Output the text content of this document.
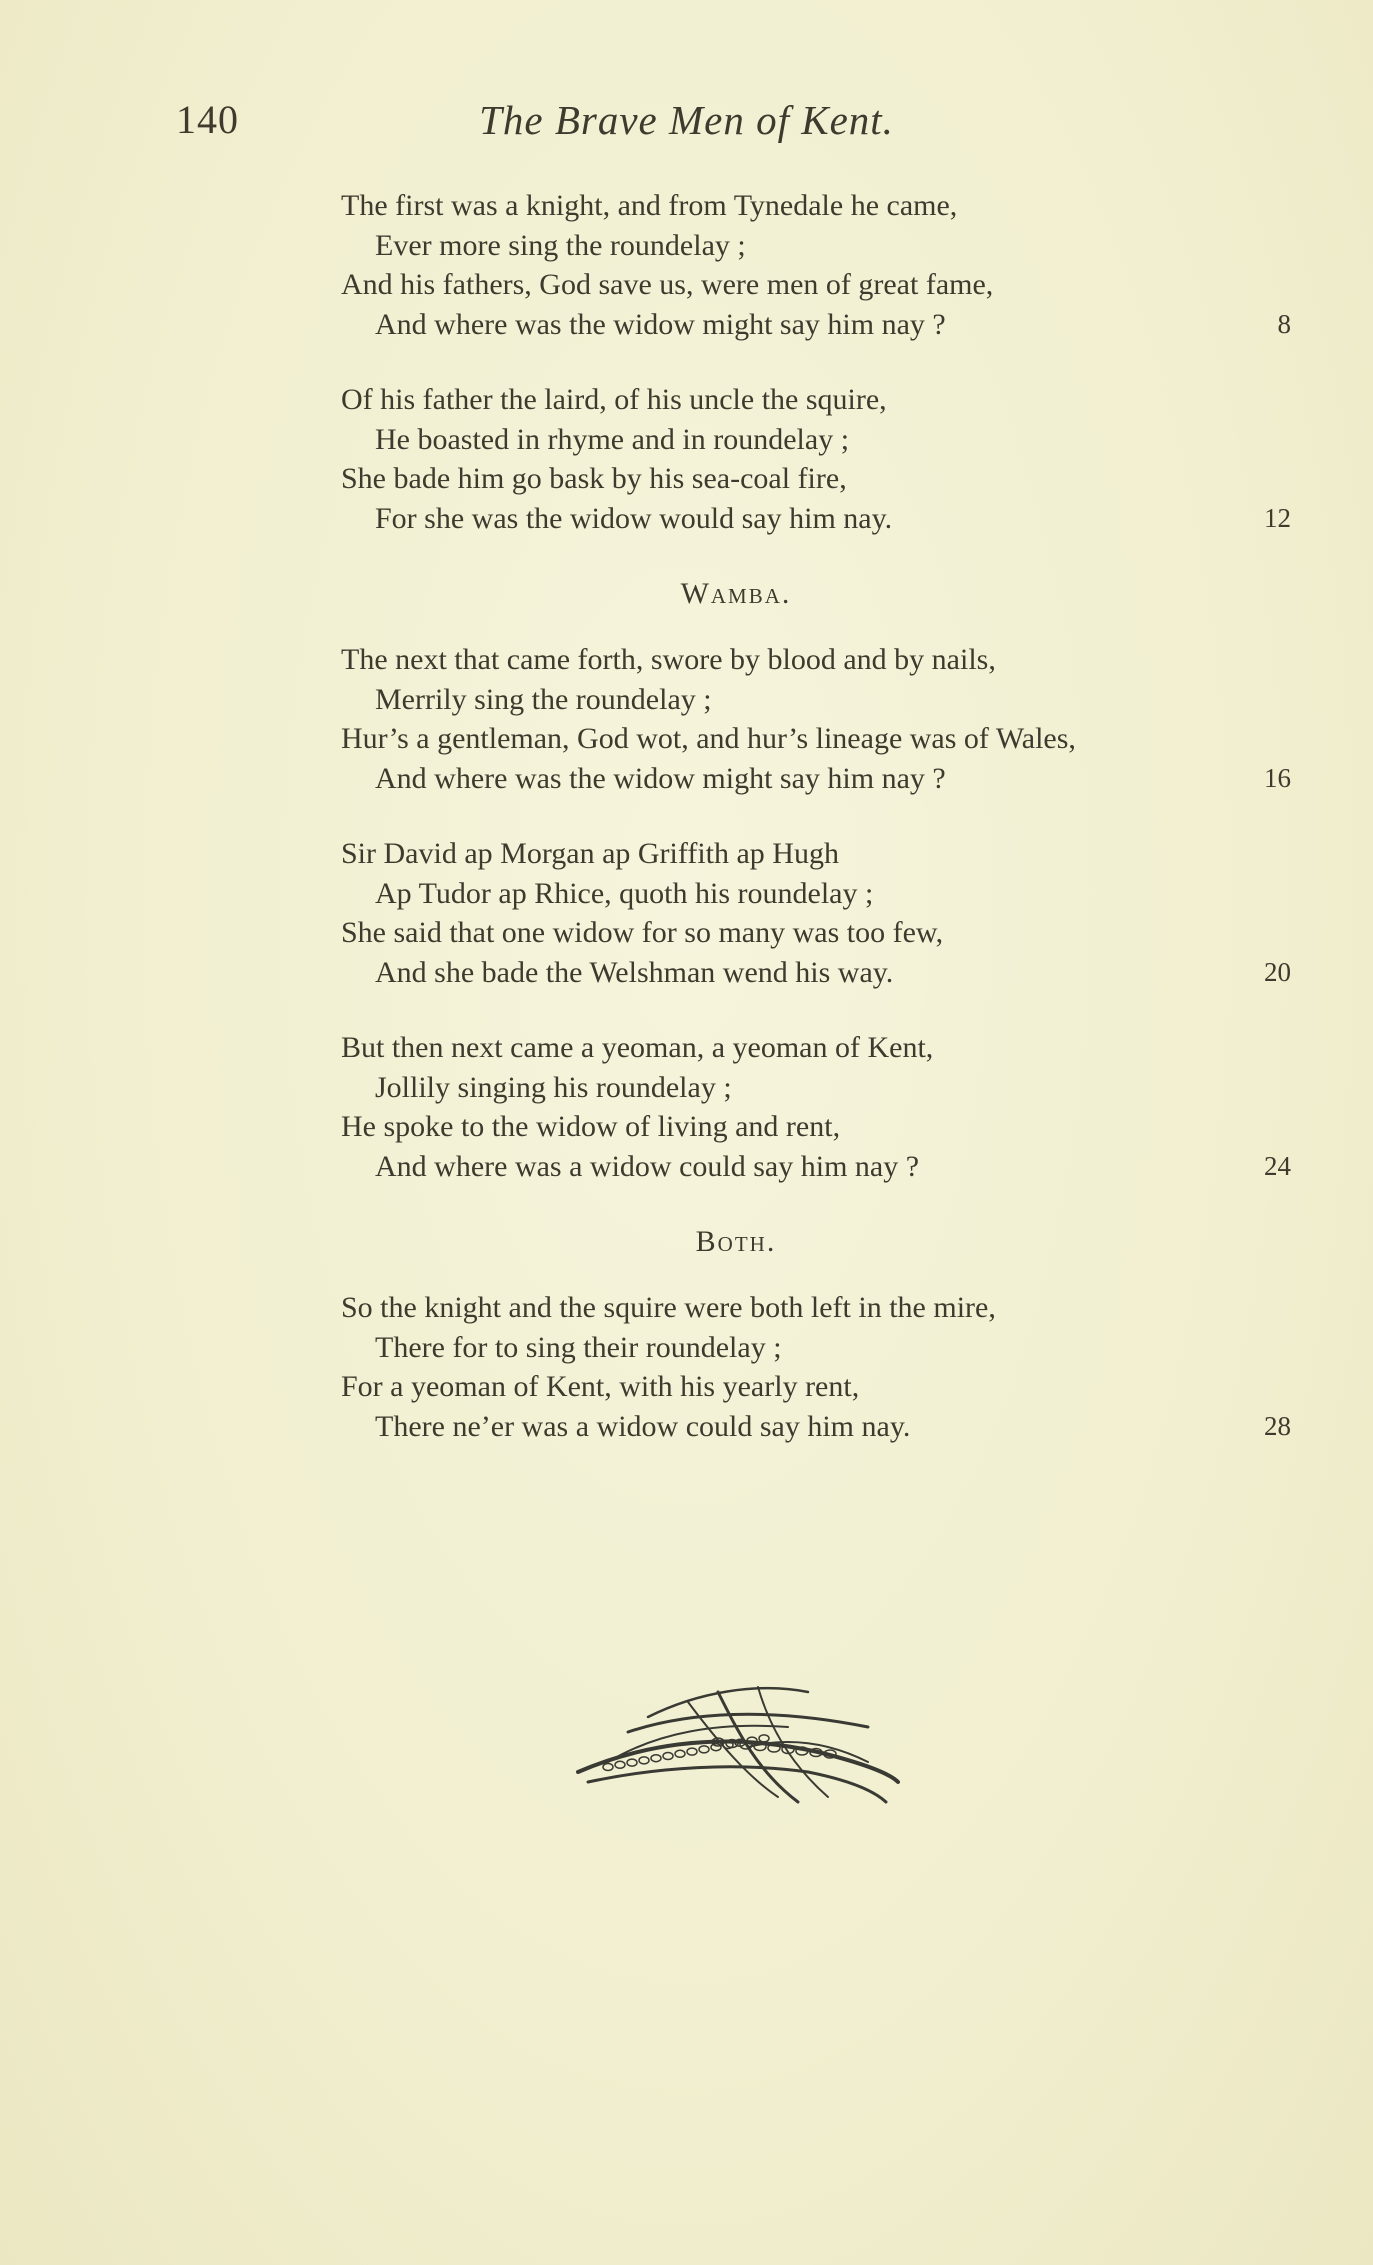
The Brave Men of Kent.
140
The first was a knight, and from Tynedale he came,
Ever more sing the roundelay ;
And his fathers, God save us, were men of great fame,
And where was the widow might say him nay ?	8
Of his father the laird, of his uncle the squire,
He boasted in rhyme and in roundelay ;
She bade him go bask by his sea-coal fire,
For she was the widow would say him nay.	12
Wamba.
The next that came forth, swore by blood and by nails,
Merrily sing the roundelay ;
Hur’s a gentleman, God wot, and hur’s lineage was of Wales,
And where was the widow might say him nay ?	16
Sir David ap Morgan ap Griffith ap Hugh
Ap Tudor ap Rhice, quoth his roundelay ;
She said that one widow for so many was too few,
And she bade the Welshman wend his way.	20
But then next came a yeoman, a yeoman of Kent,
Jollily singing his roundelay ;
He spoke to the widow of living and rent,
And where was a widow could say him nay ?	24
Both.
So the knight and the squire were both left in the mire,
There for to sing their roundelay ;
For a yeoman of Kent, with his yearly rent,
There ne’er was a widow could say him nay.	28
